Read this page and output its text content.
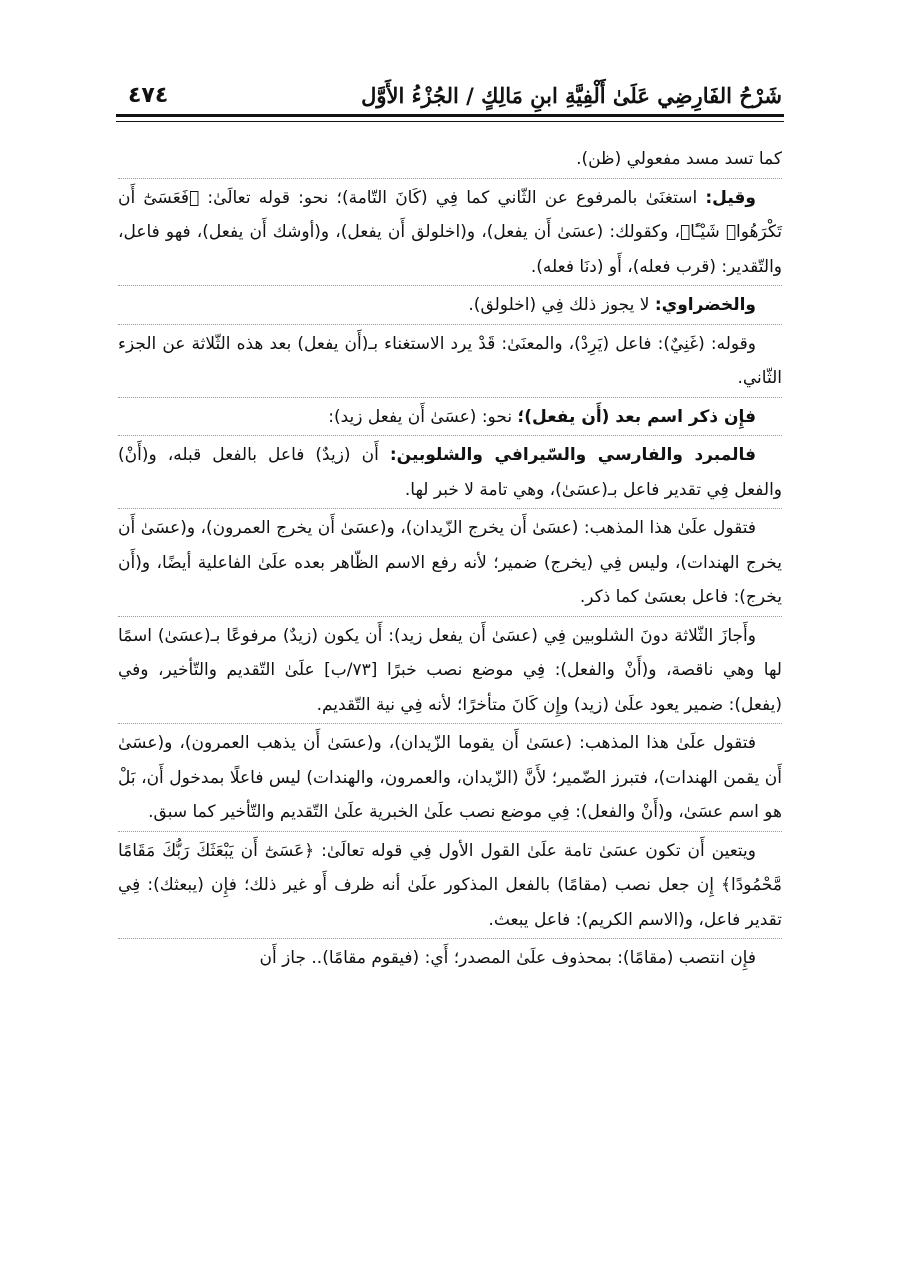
شَرْحُ الفَارِضِي عَلَىٰ أَلْفِيَّةِ ابنِ مَالِكٍ / الجُزْءُ الأَوَّل
٤٧٤

كما تسد مسد مفعولي (ظن).

وقيل: استغنَىٰ بالمرفوع عن الثّاني كما فِي (كَانَ التّامة)؛ نحو: قوله تعالَىٰ: ﴿فَعَسَىٰٓ أَن تَكْرَهُوا۟ شَيْـًٔا﴾، وكقولك: (عسَىٰ أَن يفعل)، و(اخلولق أَن يفعل)، و(أوشك أَن يفعل)، فهو فاعل، والتّقدير: (قرب فعله)، أَو (دنَا فعله).

والخضراوي: لا يجوز ذلك فِي (اخلولق).

وقوله: (غَنِيٌ): فاعل (يَرِدْ)، والمعنَىٰ: قَدْ يرد الاستغناء بـ(أَن يفعل) بعد هذه الثّلاثة عن الجزء الثّاني.

فإِن ذكر اسم بعد (أَن يفعل)؛ نحو: (عسَىٰ أَن يفعل زيد):

فالمبرد والفارسي والسّيرافي والشلوبين: أَن (زيدٌ) فاعل بالفعل قبله، و(أَنْ) والفعل فِي تقدير فاعل بـ(عسَىٰ)، وهي تامة لا خبر لها.

فتقول علَىٰ هذا المذهب: (عسَىٰ أَن يخرج الزّيدان)، و(عسَىٰ أَن يخرج العمرون)، و(عسَىٰ أَن يخرج الهندات)، وليس فِي (يخرج) ضمير؛ لأنه رفع الاسم الظّاهر بعده علَىٰ الفاعلية أيضًا، و(أَن يخرج): فاعل بعسَىٰ كما ذكر.

وأَجازَ الثّلاثة دونَ الشلوبين فِي (عسَىٰ أَن يفعل زيد): أَن يكون (زيدٌ) مرفوعًا بـ(عسَىٰ) اسمًا لها وهي ناقصة، و(أَنْ والفعل): فِي موضع نصب خبرًا [٧٣/ب] علَىٰ التّقديم والتّأخير، وفي (يفعل): ضمير يعود علَىٰ (زيد) وإِن كَانَ متأخرًا؛ لأنه فِي نية التّقديم.

فتقول علَىٰ هذا المذهب: (عسَىٰ أَن يقوما الزّيدان)، و(عسَىٰ أَن يذهب العمرون)، و(عسَىٰ أَن يقمن الهندات)، فتبرز الضّمير؛ لأَنَّ (الزّيدان، والعمرون، والهندات) ليس فاعلًا بمدخول أَن، بَلْ هو اسم عسَىٰ، و(أَنْ والفعل): فِي موضع نصب علَىٰ الخبرية علَىٰ التّقديم والتّأخير كما سبق.

ويتعين أَن تكون عسَىٰ تامة علَىٰ القول الأول فِي قوله تعالَىٰ: ﴿عَسَىٰٓ أَن يَبْعَثَكَ رَبُّكَ مَقَامًا مَّحْمُودًا﴾ إِن جعل نصب (مقامًا) بالفعل المذكور علَىٰ أنه ظرف أَو غير ذلك؛ فإِن (يبعثك): فِي تقدير فاعل، و(الاسم الكريم): فاعل يبعث.

فإِن انتصب (مقامًا): بمحذوف علَىٰ المصدر؛ أَي: (فيقوم مقامًا).. جاز أَن
